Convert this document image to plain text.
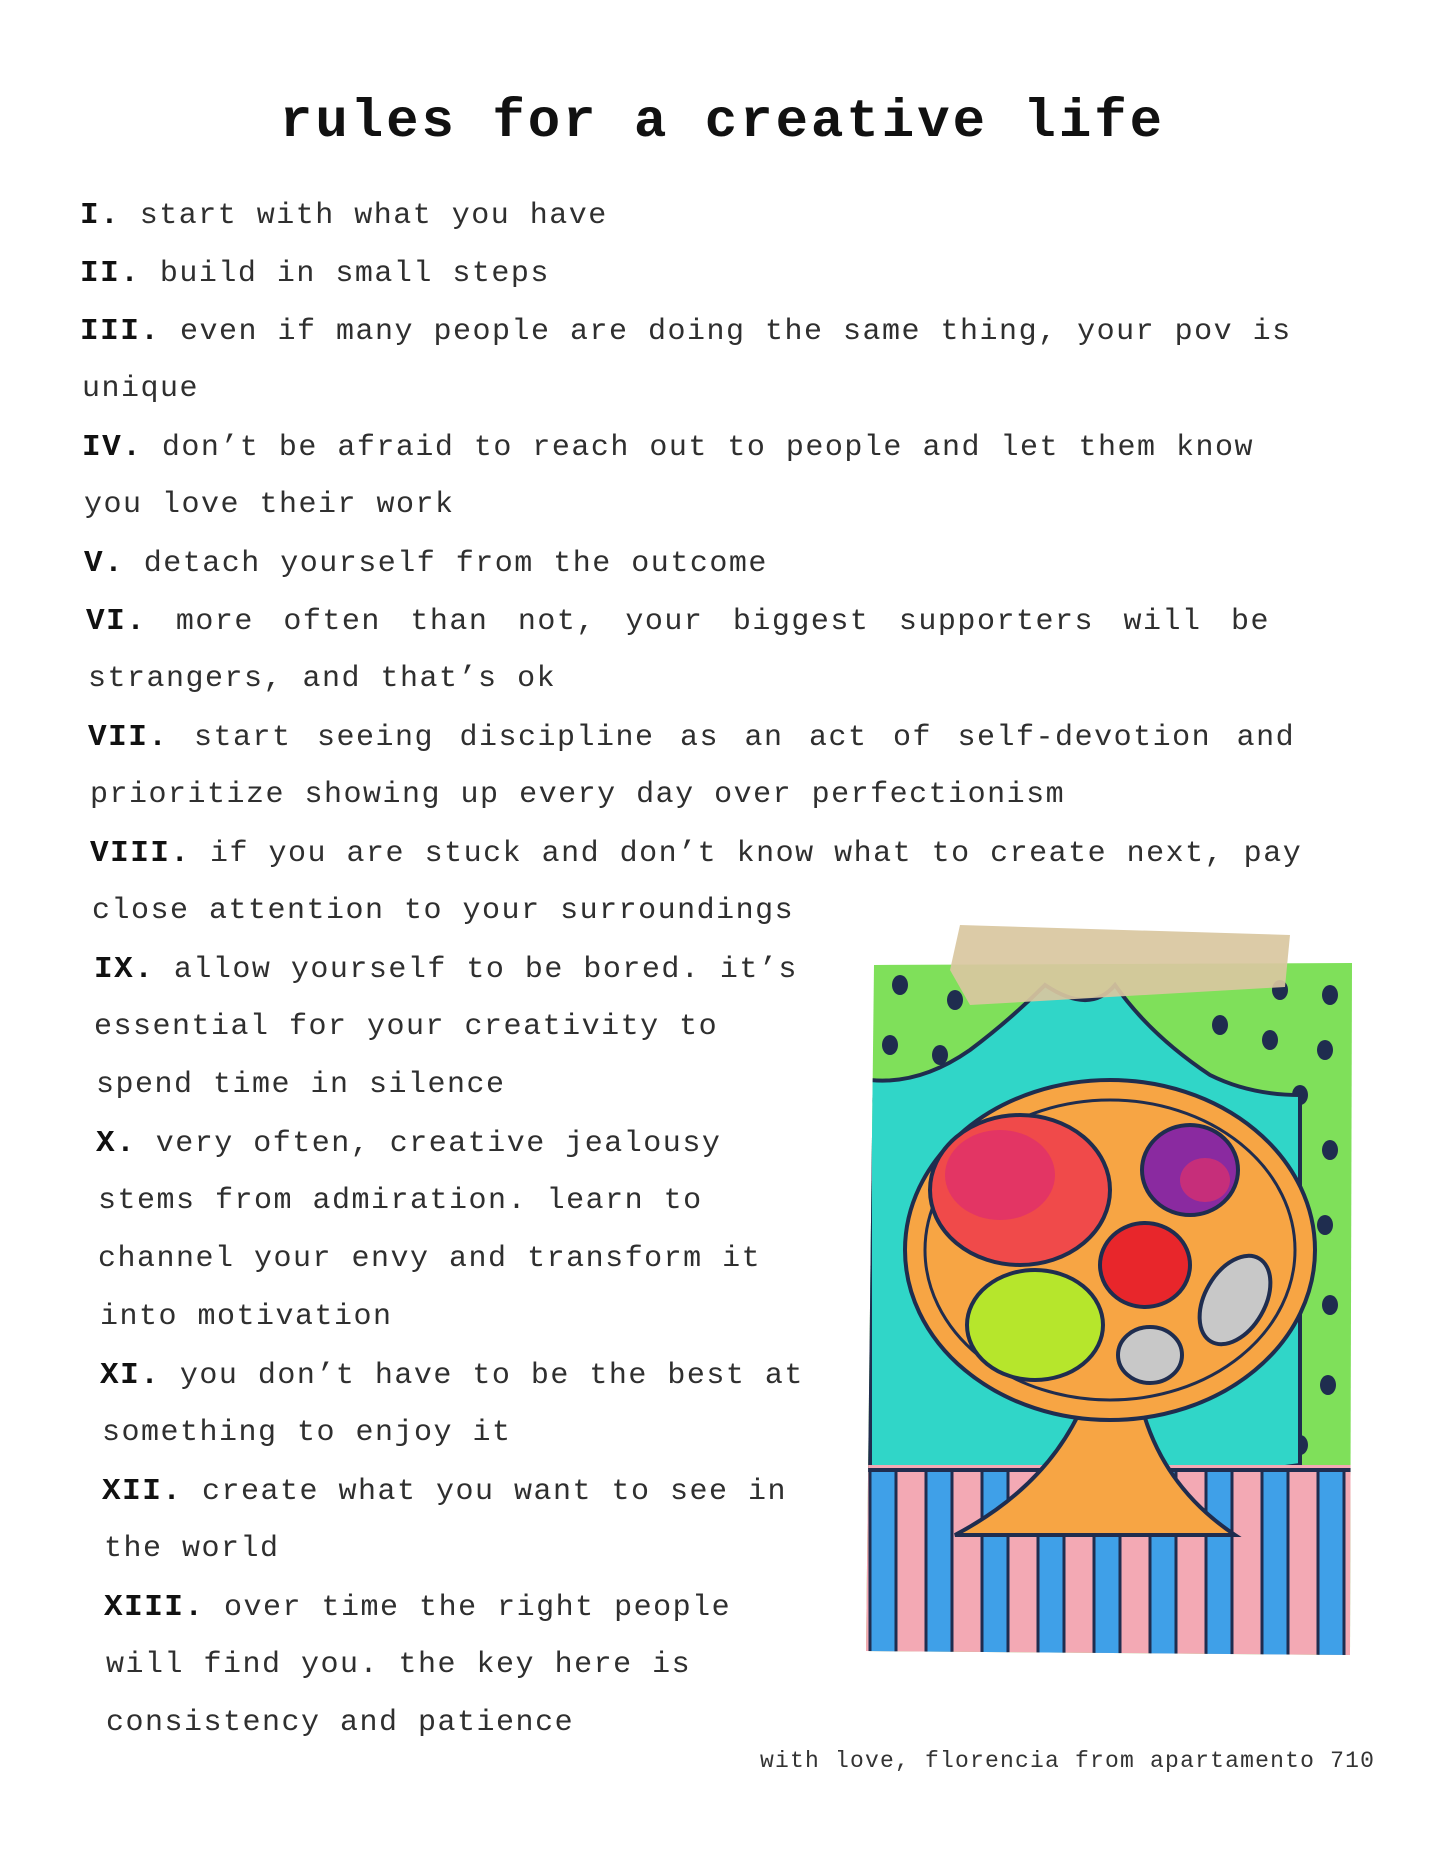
rules for a creative life
I. start with what you have
II. build in small steps
III. even if many people are doing the same thing, your pov is
unique
IV. don’t be afraid to reach out to people and let them know
you love their work
V. detach yourself from the outcome
VI. more often than not, your biggest supporters will be
strangers, and that’s ok
VII. start seeing discipline as an act of self-devotion and
prioritize showing up every day over perfectionism
VIII. if you are stuck and don’t know what to create next, pay
close attention to your surroundings
IX. allow yourself to be bored. it’s
essential for your creativity to
spend time in silence
X. very often, creative jealousy
stems from admiration. learn to
channel your envy and transform it
into motivation
XI. you don’t have to be the best at
something to enjoy it
XII. create what you want to see in
the world
XIII. over time the right people
will find you. the key here is
consistency and patience
with love, florencia from apartamento 710
